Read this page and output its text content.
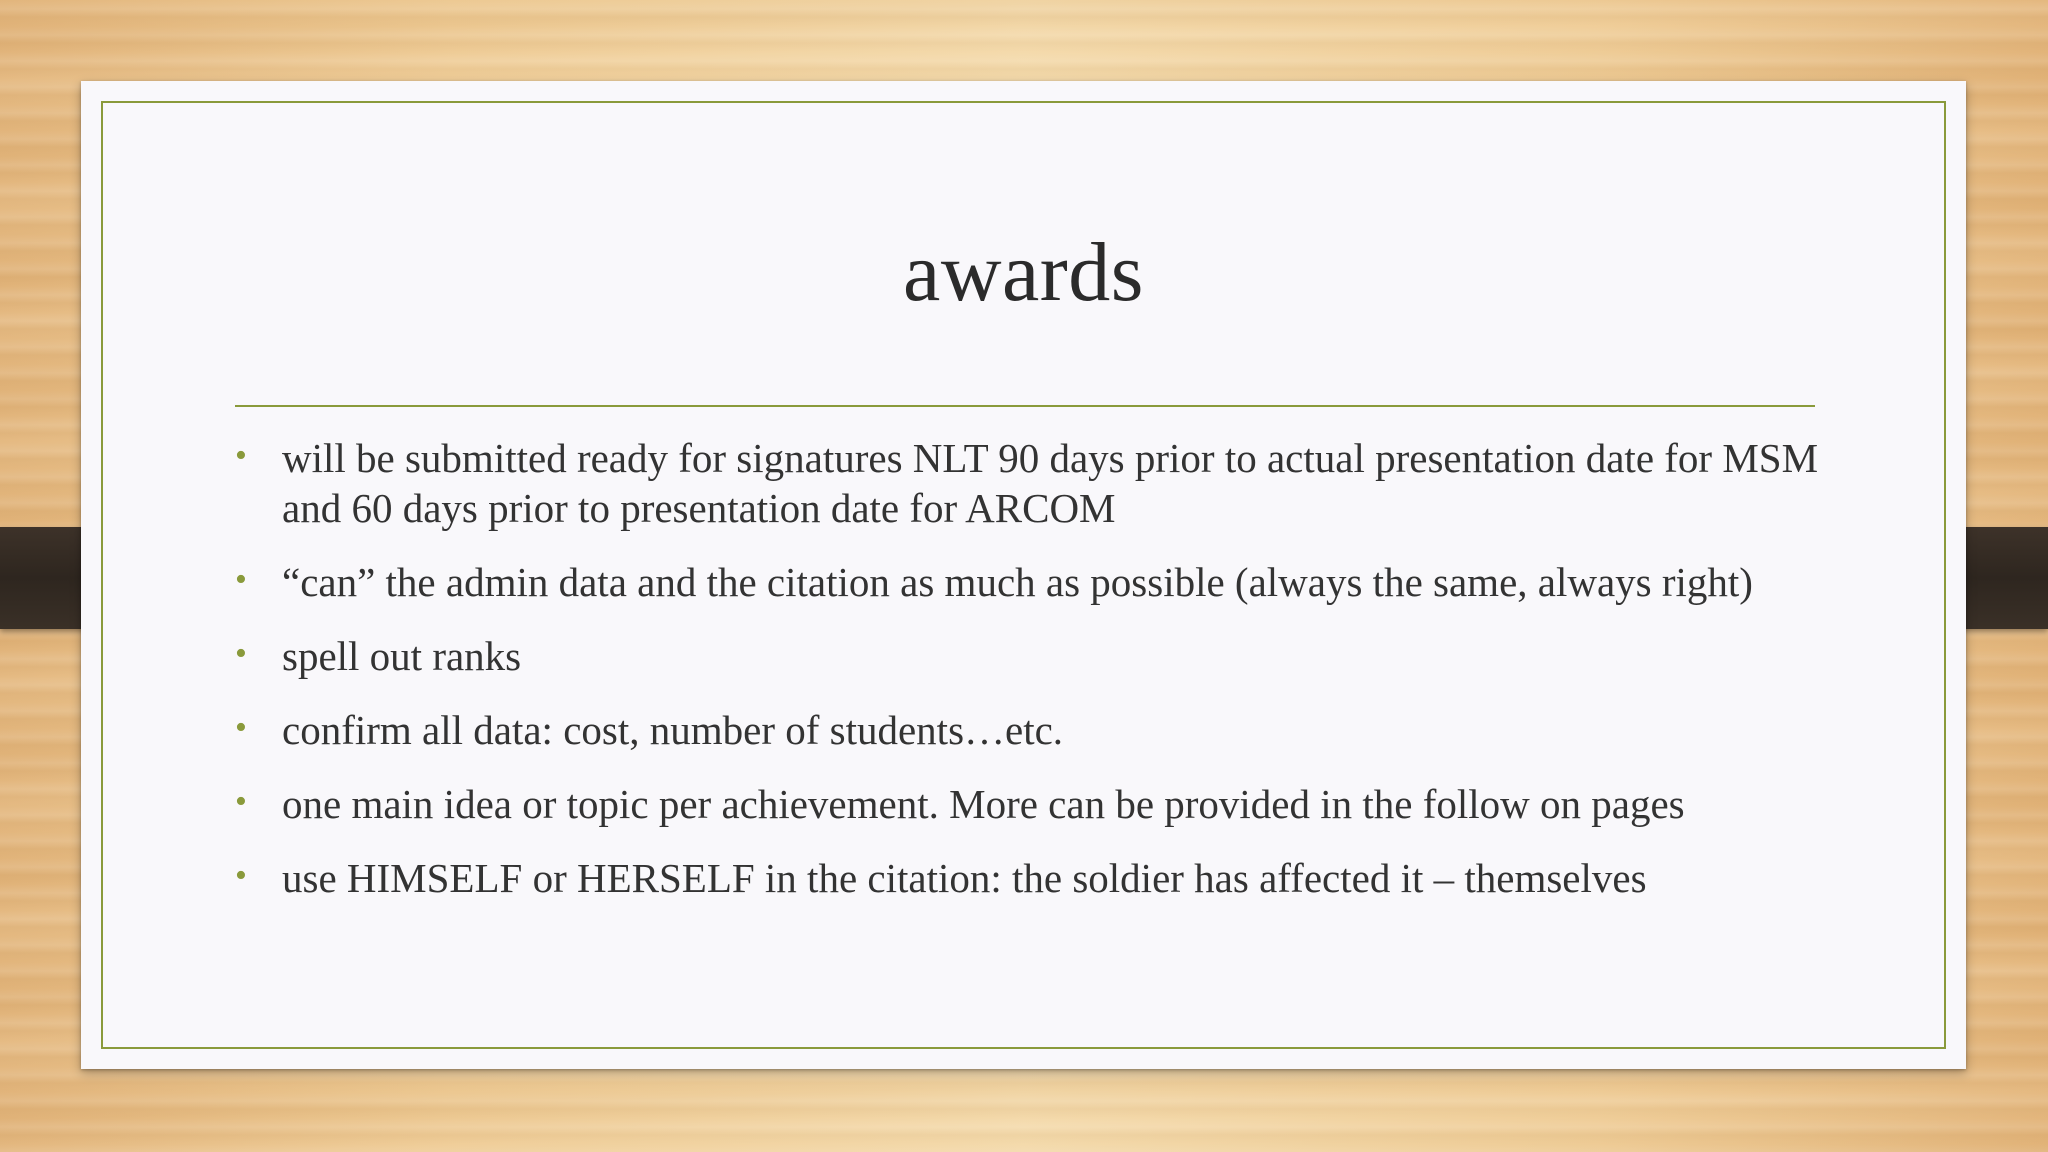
awards
• will be submitted ready for signatures NLT 90 days prior to actual presentation date for MSM and 60 days prior to presentation date for ARCOM
• “can” the admin data and the citation as much as possible (always the same, always right)
• spell out ranks
• confirm all data: cost, number of students…etc.
• one main idea or topic per achievement. More can be provided in the follow on pages
• use HIMSELF or HERSELF in the citation: the soldier has affected it – themselves
